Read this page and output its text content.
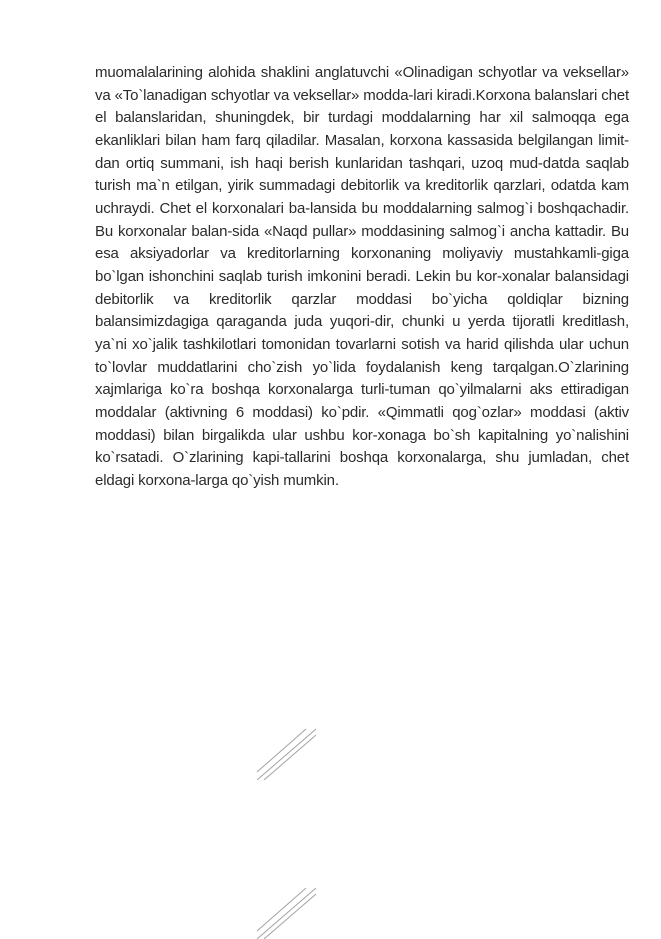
muomalalarining alohida shaklini anglatuvchi «Olinadigan schyotlar va veksellar» va «To`lanadigan schyotlar va veksellar» modda-lari kiradi.Korxona balanslari chet el balanslaridan, shuningdek, bir turdagi moddalarning har xil salmoqqa ega ekanliklari bilan ham farq qiladilar. Masalan, korxona kassasida belgilangan limit-dan ortiq summani, ish haqi berish kunlaridan tashqari, uzoq mud-datda saqlab turish ma`n etilgan, yirik summadagi debitorlik va kreditorlik qarzlari, odatda kam uchraydi. Chet el korxonalari ba-lansida bu moddalarning salmog`i boshqachadir. Bu korxonalar balan-sida «Naqd pullar» moddasining salmog`i ancha kattadir. Bu esa aksiyadorlar va kreditorlarning korxonaning moliyaviy mustahkamli-giga bo`lgan ishonchini saqlab turish imkonini beradi. Lekin bu kor-xonalar balansidagi debitorlik va kreditorlik qarzlar moddasi bo`yicha qoldiqlar bizning balansimizdagiga qaraganda juda yuqori-dir, chunki u yerda tijoratli kreditlash, ya`ni xo`jalik tashkilotlari tomonidan tovarlarni sotish va harid qilishda ular uchun to`lovlar muddatlarini cho`zish yo`lida foydalanish keng tarqalgan.O`zlarining xajmlariga ko`ra boshqa korxonalarga turli-tuman qo`yilmalarni aks ettiradigan moddalar (aktivning 6 moddasi) ko`pdir. «Qimmatli qog`ozlar» moddasi (aktiv moddasi) bilan birgalikda ular ushbu kor-xonaga bo`sh kapitalning yo`nalishini ko`rsatadi. O`zlarining kapi-tallarini boshqa korxonalarga, shu jumladan, chet eldagi korxona-larga qo`yish mumkin.
